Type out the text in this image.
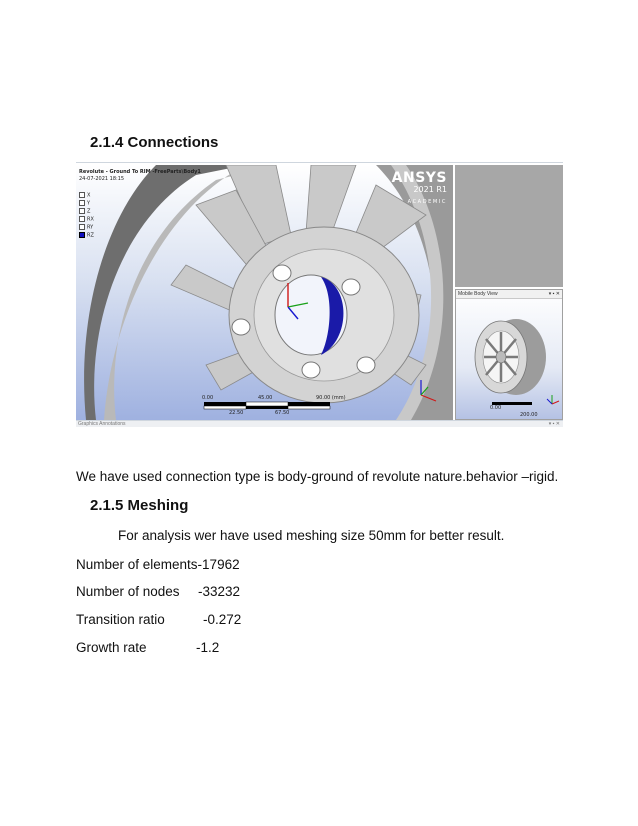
2.1.4 Connections
Revolute - Ground To RIM -FreeParts\Body1
24-07-2021 18:15
X
Y
Z
RX
RY
RZ
ANSYS
2021 R1
ACADEMIC
0.00	45.00	90.00 (mm)
22.50	67.50
Mobile Body View	▾ ▪ ✕
0.00
200.00
Graphics Annotations	▾ ▪ ✕
We have used connection type is body-ground of revolute nature.behavior –rigid.
2.1.5 Meshing
For analysis wer have used meshing size 50mm for better result.
Number of elements-17962
Number of nodes -33232
Transition ratio	-0.272
Growth rate	-1.2
